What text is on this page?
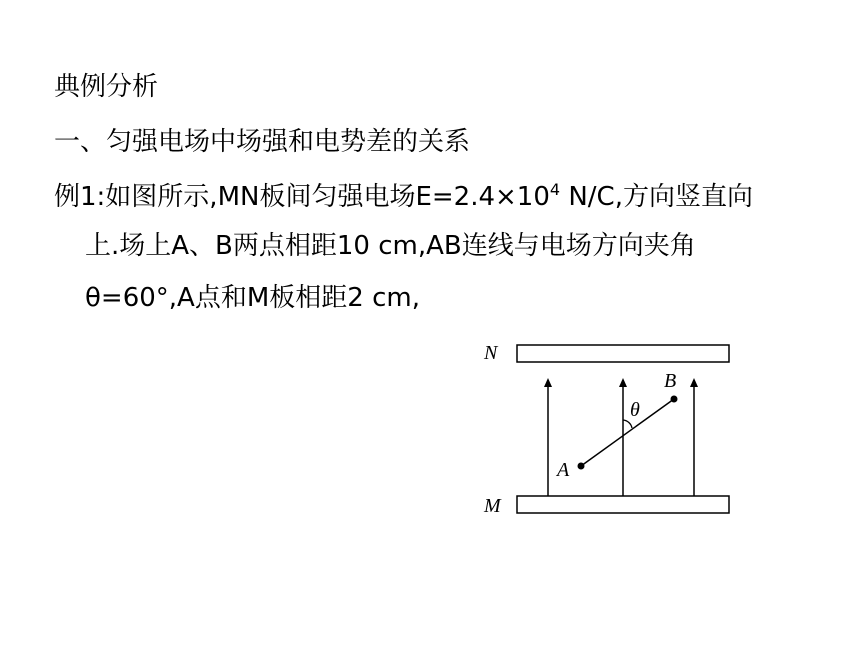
典例分析
一、匀强电场中场强和电势差的关系
例1:如图所示,MN板间匀强电场$E=2.4\times 10^4$ N/C,方向竖直向
上.场上A、B两点相距10 cm,AB连线与电场方向夹角
θ=60°,A点和M板相距2 cm,
N
M
A
B
θ
